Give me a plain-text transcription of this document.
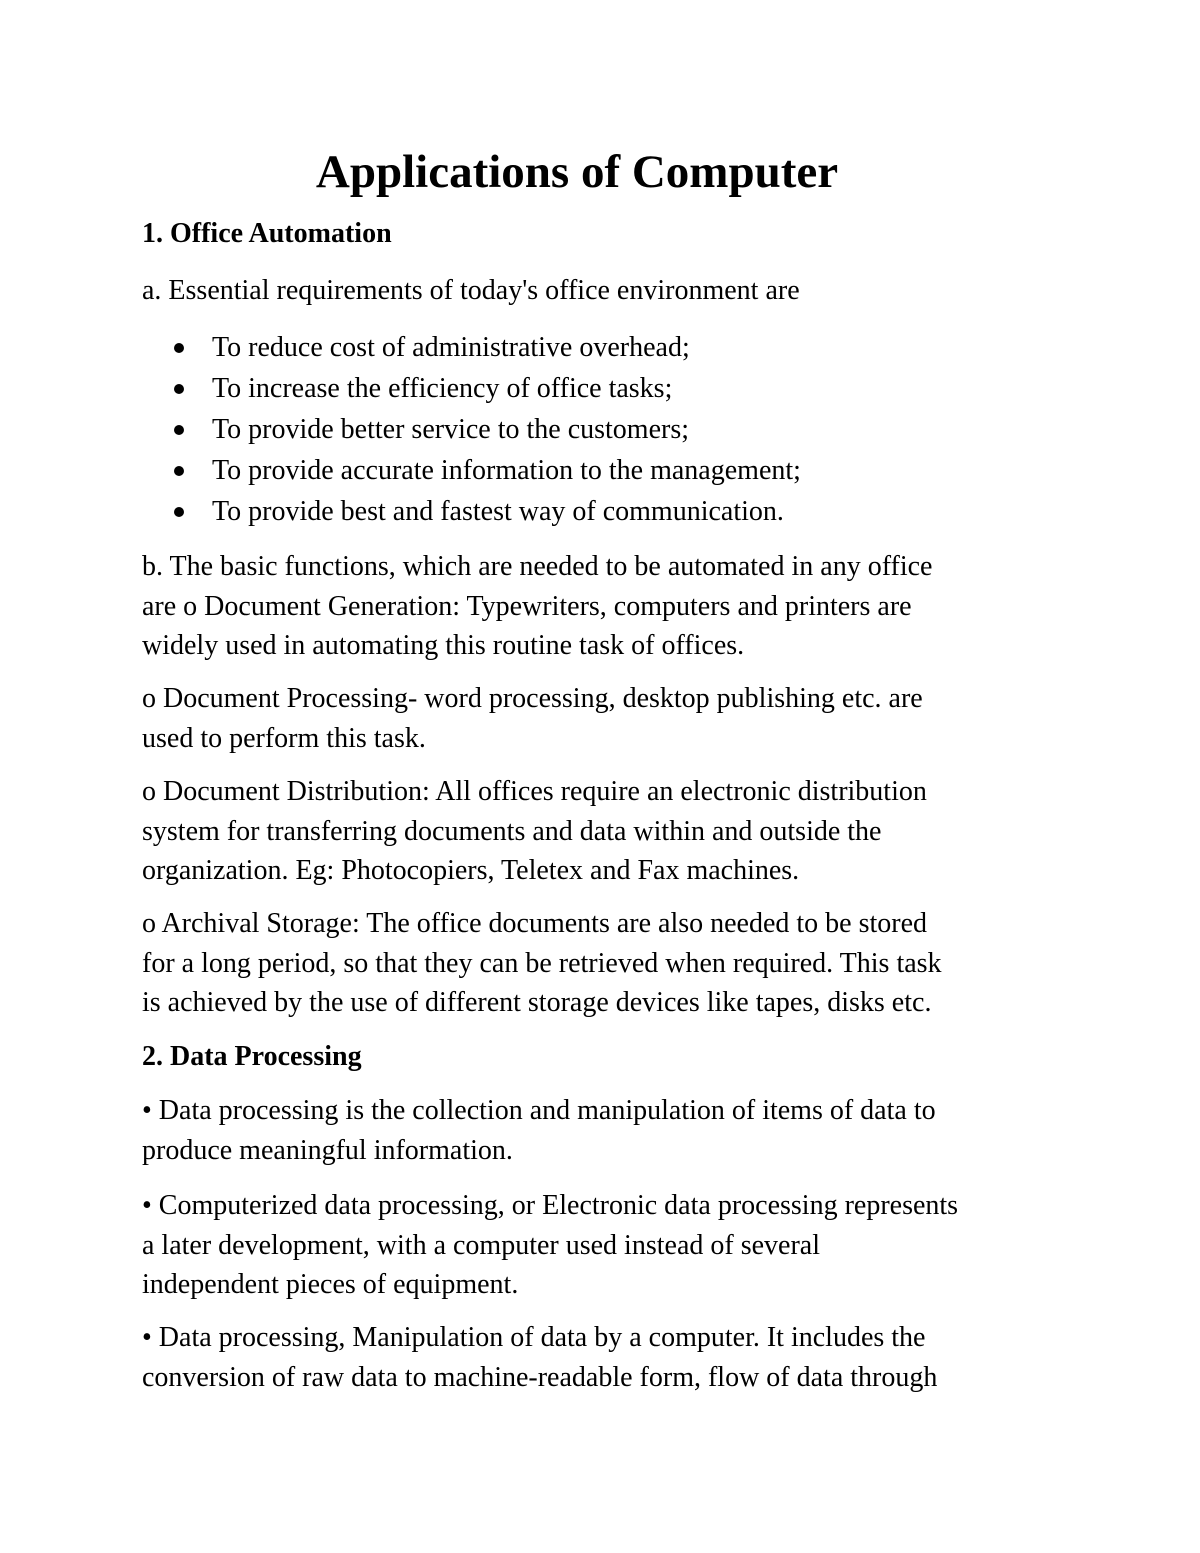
Applications of Computer
1. Office Automation

a. Essential requirements of today's office environment are

To reduce cost of administrative overhead;
To increase the efficiency of office tasks;
To provide better service to the customers;
To provide accurate information to the management;
To provide best and fastest way of communication.

b. The basic functions, which are needed to be automated in any office
are o Document Generation: Typewriters, computers and printers are
widely used in automating this routine task of offices.

o Document Processing- word processing, desktop publishing etc. are
used to perform this task.

o Document Distribution: All offices require an electronic distribution
system for transferring documents and data within and outside the
organization. Eg: Photocopiers, Teletex and Fax machines.

o Archival Storage: The office documents are also needed to be stored
for a long period, so that they can be retrieved when required. This task
is achieved by the use of different storage devices like tapes, disks etc.

2. Data Processing

• Data processing is the collection and manipulation of items of data to
produce meaningful information.

• Computerized data processing, or Electronic data processing represents
a later development, with a computer used instead of several
independent pieces of equipment.

• Data processing, Manipulation of data by a computer. It includes the
conversion of raw data to machine-readable form, flow of data through
